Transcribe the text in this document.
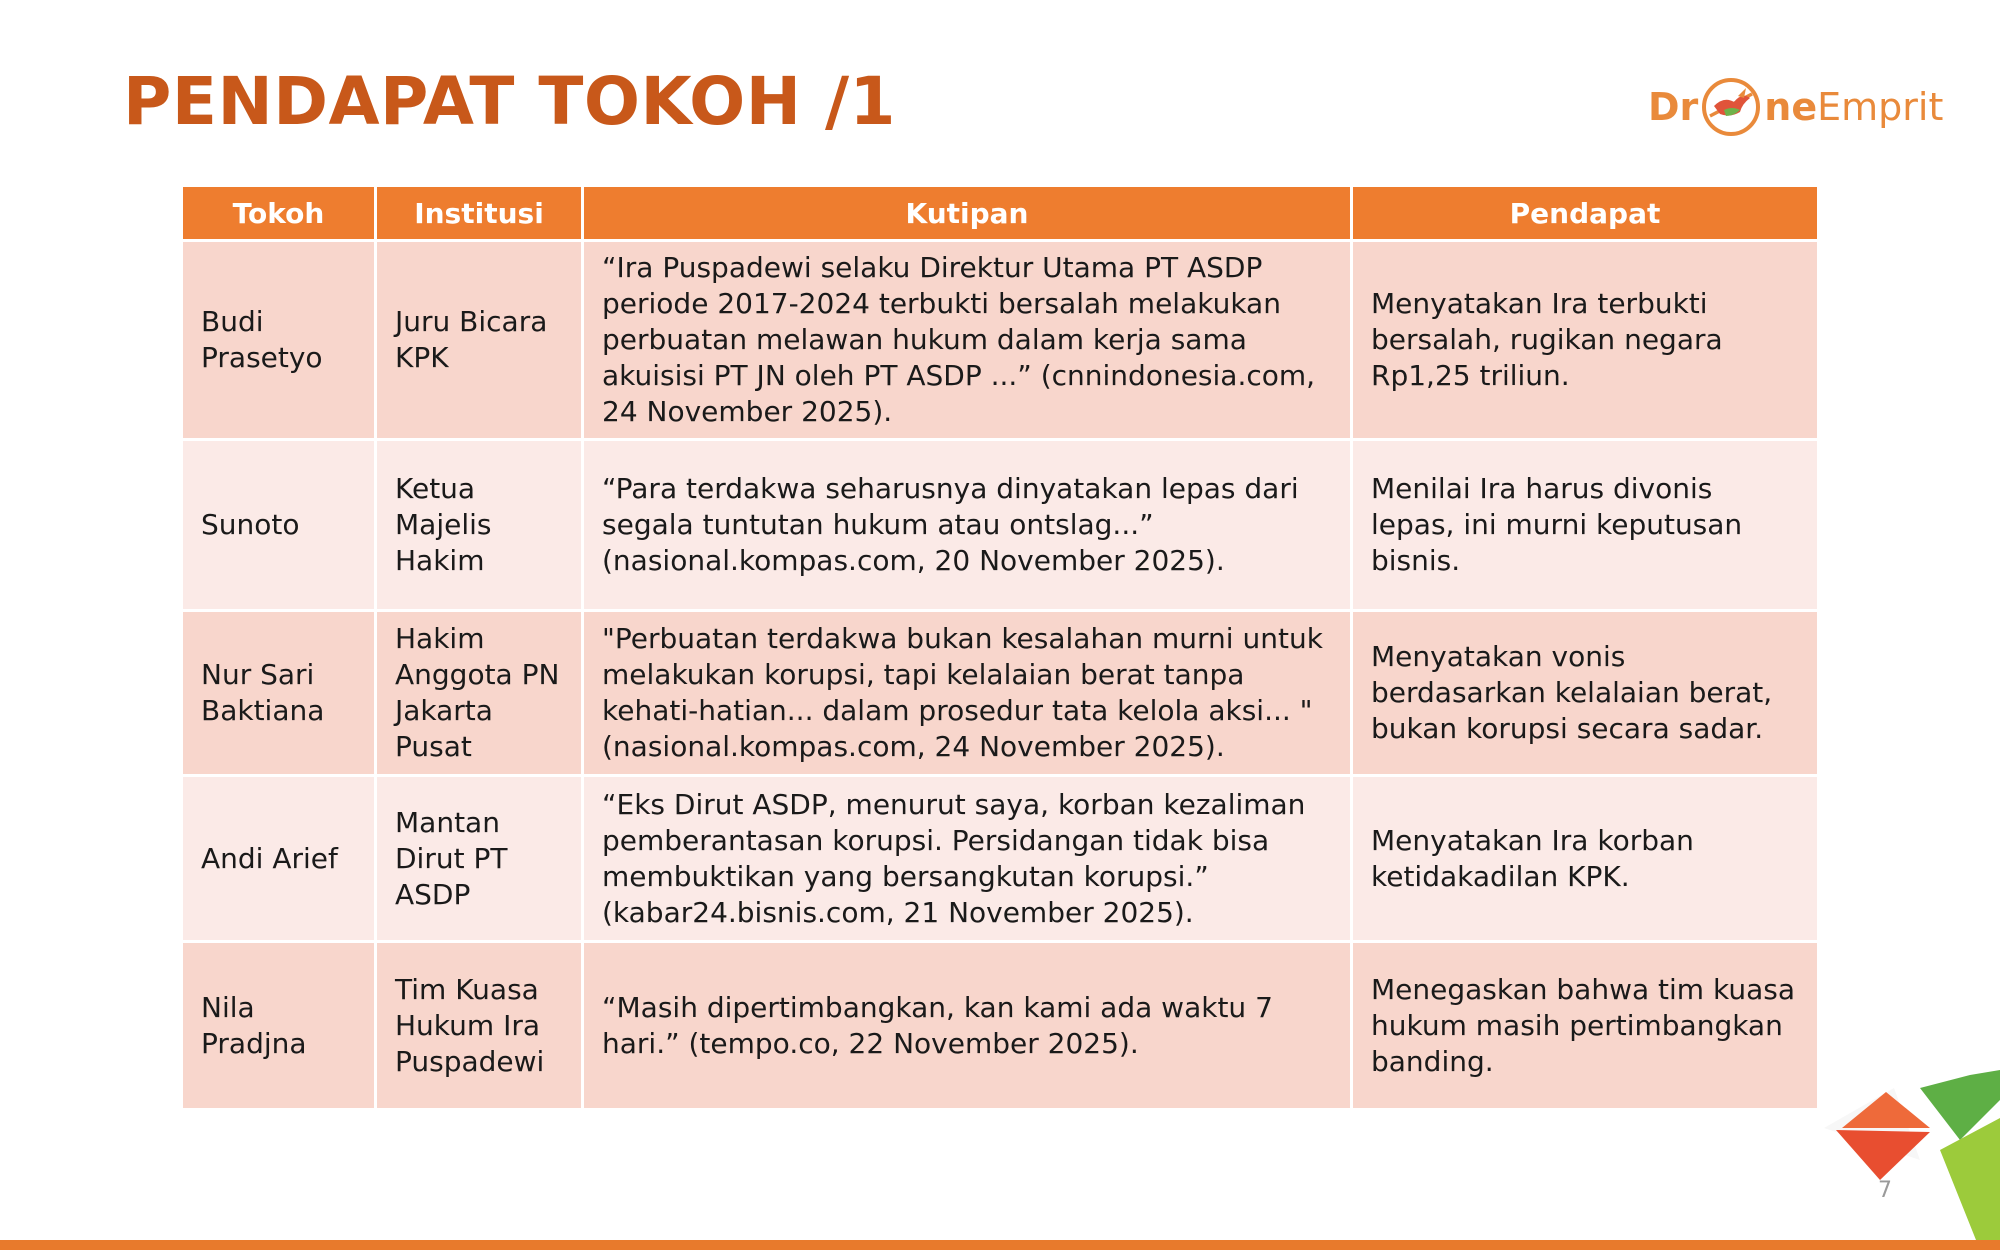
PENDAPAT TOKOH /1	Dr ne Emprit
Tokoh	Institusi	Kutipan	Pendapat
Budi Prasetyo	Juru Bicara KPK	“Ira Puspadewi selaku Direktur Utama PT ASDP periode 2017-2024 terbukti bersalah melakukan perbuatan melawan hukum dalam kerja sama akuisisi PT JN oleh PT ASDP ...” (cnnindonesia.com, 24 November 2025).	Menyatakan Ira terbukti bersalah, rugikan negara Rp1,25 triliun.
Sunoto	Ketua Majelis Hakim	“Para terdakwa seharusnya dinyatakan lepas dari segala tuntutan hukum atau ontslag...” (nasional.kompas.com, 20 November 2025).	Menilai Ira harus divonis lepas, ini murni keputusan bisnis.
Nur Sari Baktiana	Hakim Anggota PN Jakarta Pusat	"Perbuatan terdakwa bukan kesalahan murni untuk melakukan korupsi, tapi kelalaian berat tanpa kehati-hatian... dalam prosedur tata kelola aksi... " (nasional.kompas.com, 24 November 2025).	Menyatakan vonis berdasarkan kelalaian berat, bukan korupsi secara sadar.
Andi Arief	Mantan Dirut PT ASDP	“Eks Dirut ASDP, menurut saya, korban kezaliman pemberantasan korupsi. Persidangan tidak bisa membuktikan yang bersangkutan korupsi.” (kabar24.bisnis.com, 21 November 2025).	Menyatakan Ira korban ketidakadilan KPK.
Nila Pradjna	Tim Kuasa Hukum Ira Puspadewi	“Masih dipertimbangkan, kan kami ada waktu 7 hari.” (tempo.co, 22 November 2025).	Menegaskan bahwa tim kuasa hukum masih pertimbangkan banding.
7
